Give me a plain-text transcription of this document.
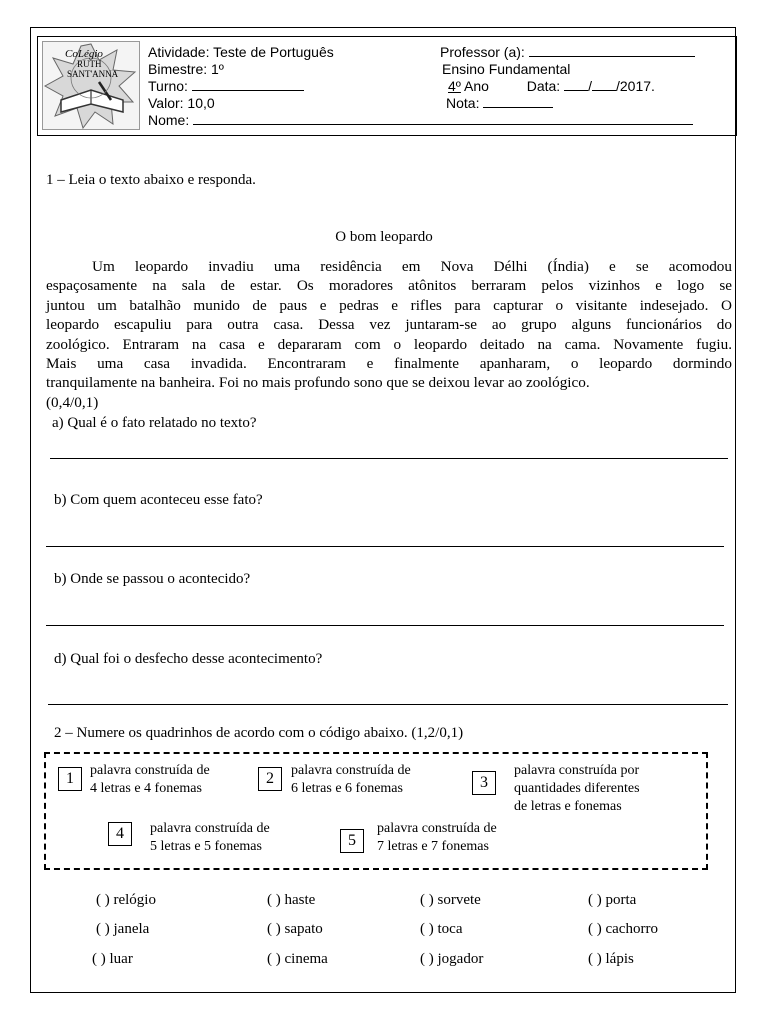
CoLégio
RUTH
SANT'ANNA
Atividade: Teste de Português
Bimestre: 1º
Turno:
Valor: 10,0
Nome:
Professor (a):
Ensino Fundamental
4º Ano	Data: / /2017.
Nota:
1 – Leia o texto abaixo e responda.
O bom leopardo
Um leopardo invadiu uma residência em Nova Délhi (Índia) e se acomodou
espaçosamente na sala de estar. Os moradores atônitos berraram pelos vizinhos e logo se
juntou um batalhão munido de paus e pedras e rifles para capturar o visitante indesejado. O
leopardo escapuliu para outra casa. Dessa vez juntaram-se ao grupo alguns funcionários do
zoológico. Entraram na casa e depararam com o leopardo deitado na cama. Novamente fugiu.
Mais uma casa invadida. Encontraram e finalmente apanharam, o leopardo dormindo
tranquilamente na banheira. Foi no mais profundo sono que se deixou levar ao zoológico.
(0,4/0,1)
a) Qual é o fato relatado no texto?
b) Com quem aconteceu esse fato?
b) Onde se passou o acontecido?
d) Qual foi o desfecho desse acontecimento?
2 – Numere os quadrinhos de acordo com o código abaixo. (1,2/0,1)
1	palavra construída de
4 letras e 4 fonemas
2	palavra construída de
6 letras e 6 fonemas	3
palavra construída por
quantidades diferentes
de letras e fonemas
4	palavra construída de
5 letras e 5 fonemas	5
palavra construída de
7 letras e 7 fonemas
( ) relógio	( ) haste	( ) sorvete	( ) porta
( ) janela	( ) sapato	( ) toca	( ) cachorro
( ) luar	( ) cinema	( ) jogador	( ) lápis
